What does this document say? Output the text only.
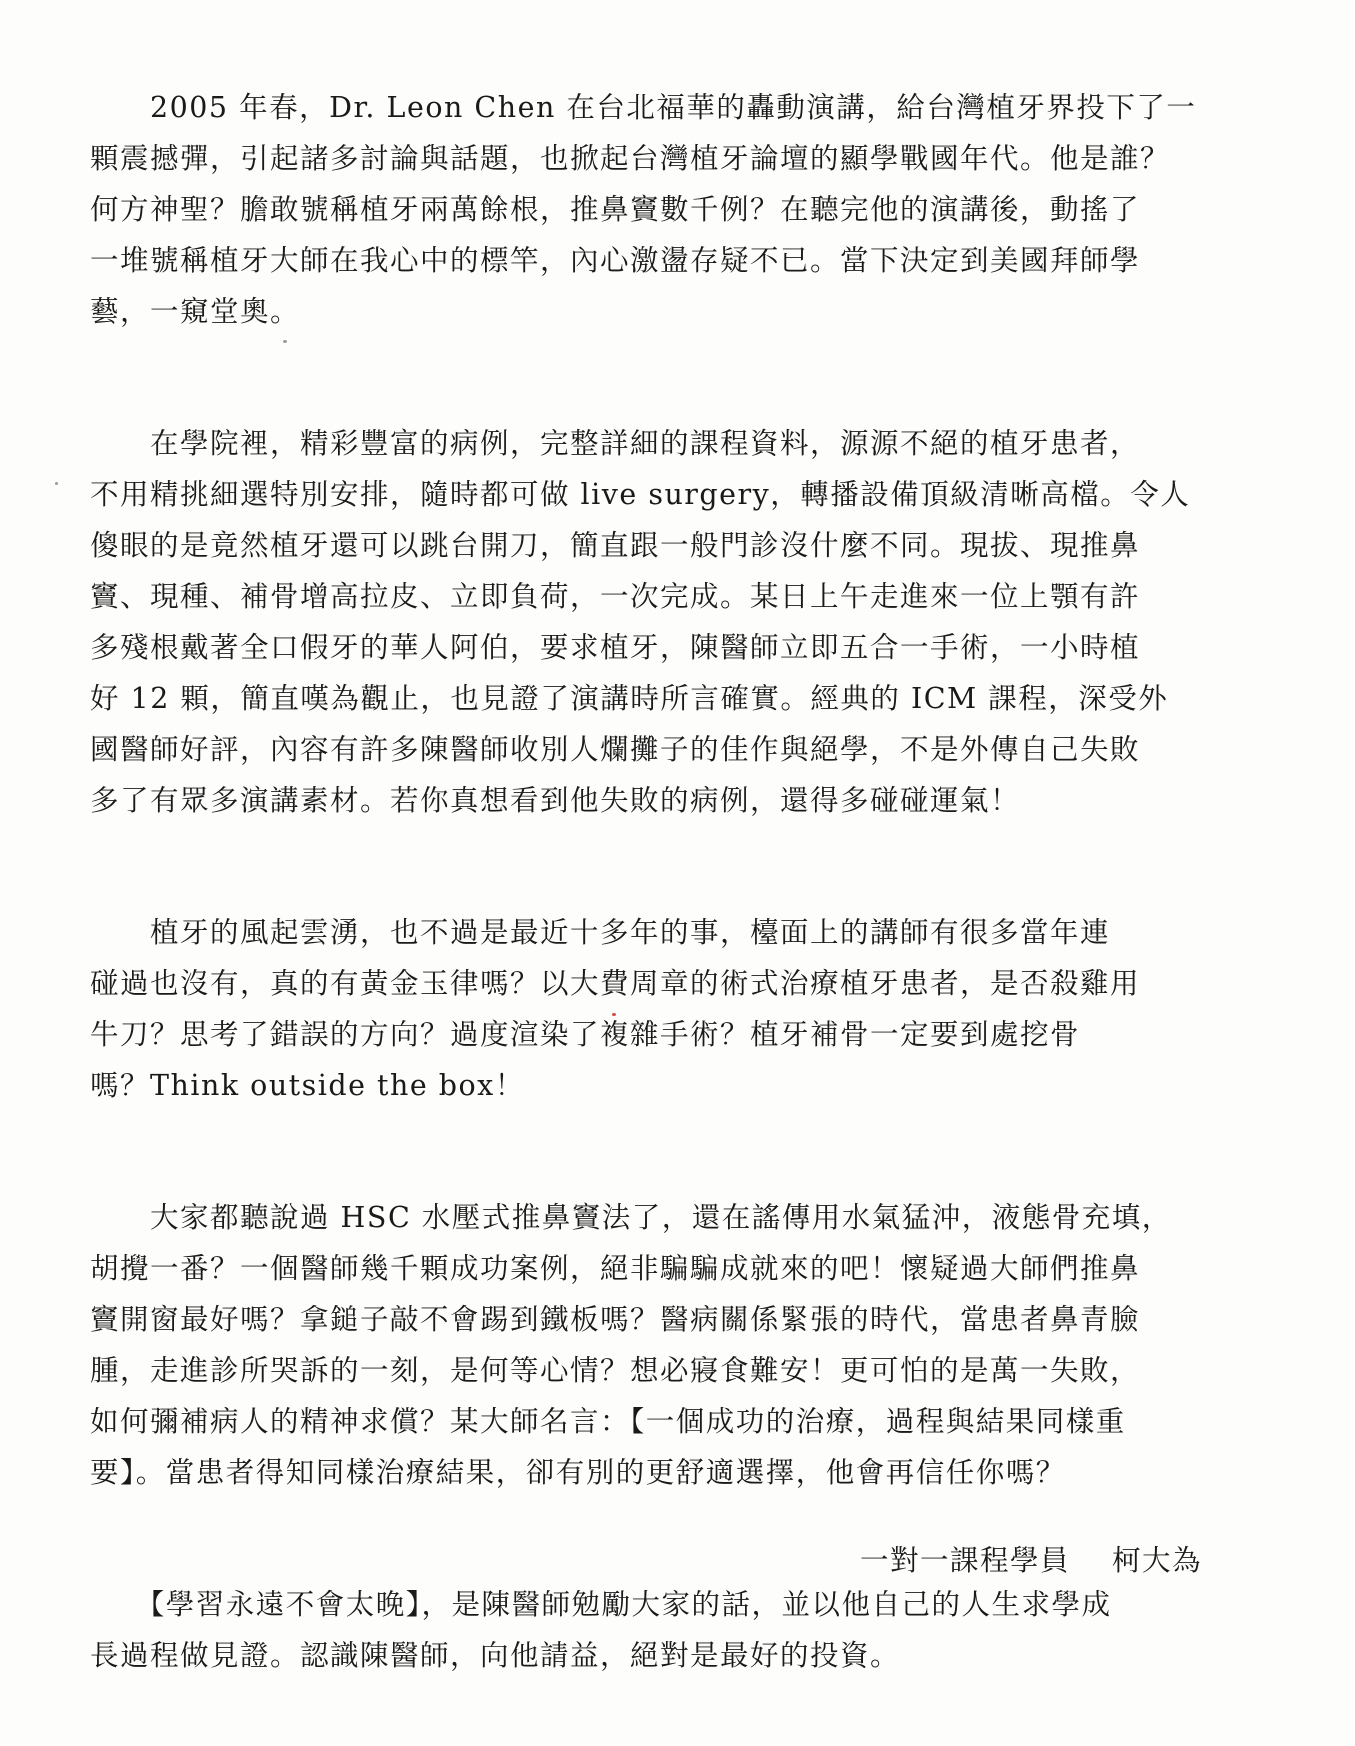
　　2005 年春，Dr. Leon Chen 在台北福華的轟動演講，給台灣植牙界投下了一
顆震撼彈，引起諸多討論與話題，也掀起台灣植牙論壇的顯學戰國年代。他是誰？
何方神聖？膽敢號稱植牙兩萬餘根，推鼻竇數千例？在聽完他的演講後，動搖了
一堆號稱植牙大師在我心中的標竿，內心激盪存疑不已。當下決定到美國拜師學
藝，一窺堂奧。
　　在學院裡，精彩豐富的病例，完整詳細的課程資料，源源不絕的植牙患者，
不用精挑細選特別安排，隨時都可做 live surgery，轉播設備頂級清晰高檔。令人
傻眼的是竟然植牙還可以跳台開刀，簡直跟一般門診沒什麼不同。現拔、現推鼻
竇、現種、補骨增高拉皮、立即負荷，一次完成。某日上午走進來一位上顎有許
多殘根戴著全口假牙的華人阿伯，要求植牙，陳醫師立即五合一手術，一小時植
好 12 顆，簡直嘆為觀止，也見證了演講時所言確實。經典的 ICM 課程，深受外
國醫師好評，內容有許多陳醫師收別人爛攤子的佳作與絕學，不是外傳自己失敗
多了有眾多演講素材。若你真想看到他失敗的病例，還得多碰碰運氣！
　　植牙的風起雲湧，也不過是最近十多年的事，檯面上的講師有很多當年連
碰過也沒有，真的有黃金玉律嗎？以大費周章的術式治療植牙患者，是否殺雞用
牛刀？思考了錯誤的方向？過度渲染了複雜手術？植牙補骨一定要到處挖骨
嗎？Think outside the box！
　　大家都聽說過 HSC 水壓式推鼻竇法了，還在謠傳用水氣猛沖，液態骨充填，
胡攪一番？一個醫師幾千顆成功案例，絕非騙騙成就來的吧！懷疑過大師們推鼻
竇開窗最好嗎？拿鎚子敲不會踢到鐵板嗎？醫病關係緊張的時代，當患者鼻青臉
腫，走進診所哭訴的一刻，是何等心情？想必寢食難安！更可怕的是萬一失敗，
如何彌補病人的精神求償？某大師名言：【一個成功的治療，過程與結果同樣重
要】。當患者得知同樣治療結果，卻有別的更舒適選擇，他會再信任你嗎？
　　【學習永遠不會太晚】，是陳醫師勉勵大家的話，並以他自己的人生求學成
長過程做見證。認識陳醫師，向他請益，絕對是最好的投資。
一對一課程學員 柯大為
